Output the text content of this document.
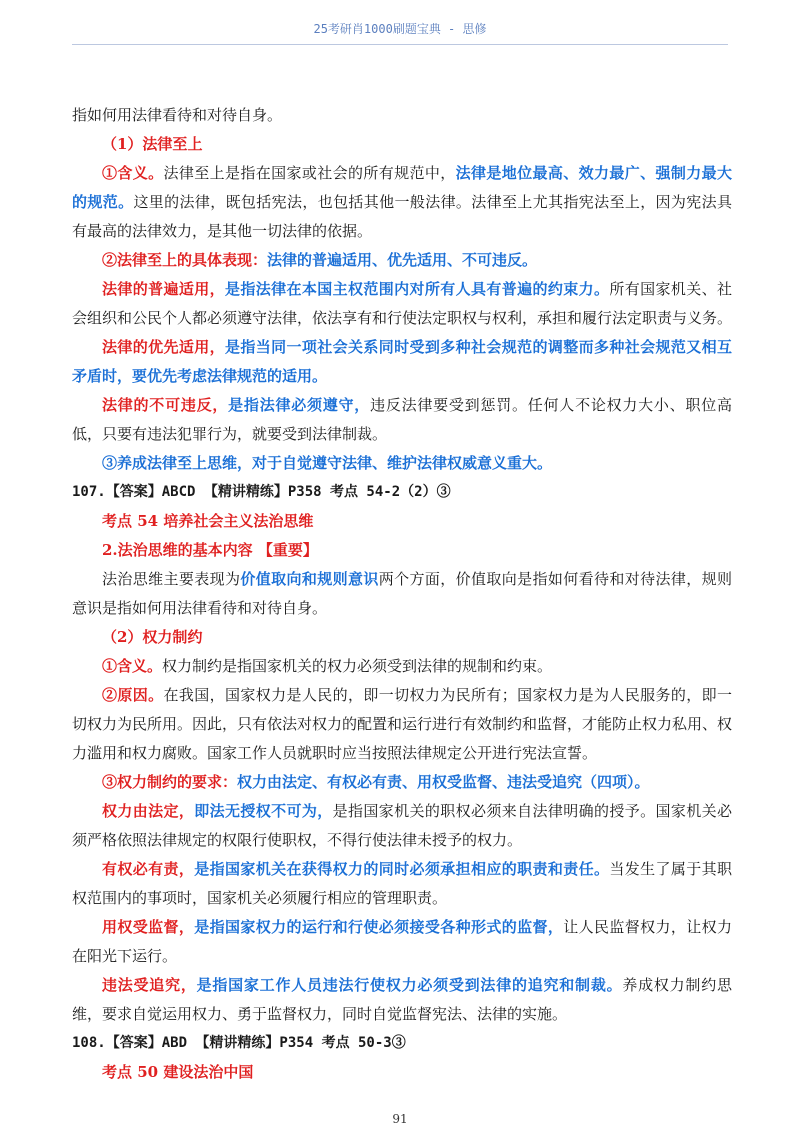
25考研肖1000刷题宝典 - 思修

指如何用法律看待和对待自身。

（1）法律至上

①含义。法律至上是指在国家或社会的所有规范中，法律是地位最高、效力最广、强制力最大的规范。这里的法律，既包括宪法，也包括其他一般法律。法律至上尤其指宪法至上，因为宪法具有最高的法律效力，是其他一切法律的依据。

②法律至上的具体表现：法律的普遍适用、优先适用、不可违反。

法律的普遍适用，是指法律在本国主权范围内对所有人具有普遍的约束力。所有国家机关、社会组织和公民个人都必须遵守法律，依法享有和行使法定职权与权利，承担和履行法定职责与义务。

法律的优先适用，是指当同一项社会关系同时受到多种社会规范的调整而多种社会规范又相互矛盾时，要优先考虑法律规范的适用。

法律的不可违反，是指法律必须遵守，违反法律要受到惩罚。任何人不论权力大小、职位高低，只要有违法犯罪行为，就要受到法律制裁。

③养成法律至上思维，对于自觉遵守法律、维护法律权威意义重大。

107.【答案】ABCD 【精讲精练】P358 考点 54-2（2）③

考点 54 培养社会主义法治思维

2.法治思维的基本内容 【重要】

法治思维主要表现为价值取向和规则意识两个方面，价值取向是指如何看待和对待法律，规则意识是指如何用法律看待和对待自身。

（2）权力制约

①含义。权力制约是指国家机关的权力必须受到法律的规制和约束。

②原因。在我国，国家权力是人民的，即一切权力为民所有；国家权力是为人民服务的，即一切权力为民所用。因此，只有依法对权力的配置和运行进行有效制约和监督，才能防止权力私用、权力滥用和权力腐败。国家工作人员就职时应当按照法律规定公开进行宪法宣誓。

③权力制约的要求：权力由法定、有权必有责、用权受监督、违法受追究（四项）。

权力由法定，即法无授权不可为，是指国家机关的职权必须来自法律明确的授予。国家机关必须严格依照法律规定的权限行使职权，不得行使法律未授予的权力。

有权必有责，是指国家机关在获得权力的同时必须承担相应的职责和责任。当发生了属于其职权范围内的事项时，国家机关必须履行相应的管理职责。

用权受监督，是指国家权力的运行和行使必须接受各种形式的监督，让人民监督权力，让权力在阳光下运行。

违法受追究，是指国家工作人员违法行使权力必须受到法律的追究和制裁。养成权力制约思维，要求自觉运用权力、勇于监督权力，同时自觉监督宪法、法律的实施。

108.【答案】ABD 【精讲精练】P354 考点 50-3③

考点 50 建设法治中国

91
